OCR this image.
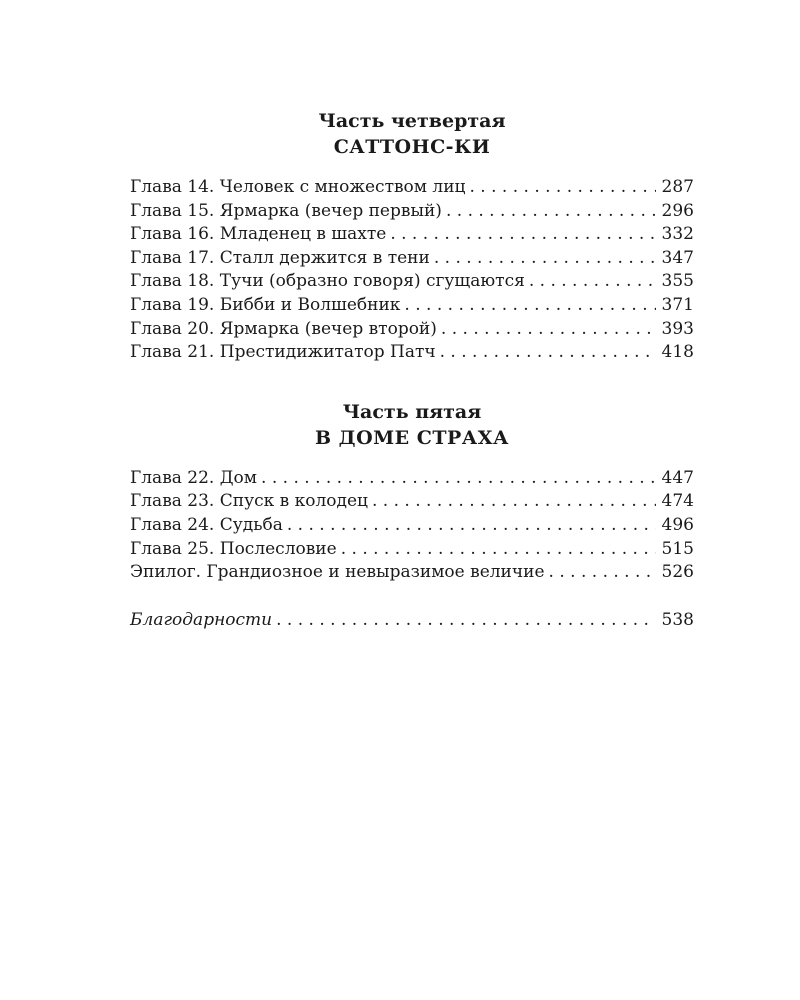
Часть четвертая
САТТОНС-КИ
Глава 14. Человек с множеством лиц . . .	287
Глава 15. Ярмарка (вечер первый) . . .	296
Глава 16. Младенец в шахте . . .	332
Глава 17. Сталл держится в тени . . .	347
Глава 18. Тучи (образно говоря) сгущаются . . .	355
Глава 19. Бибби и Волшебник . . .	371
Глава 20. Ярмарка (вечер второй) . . .	393
Глава 21. Престидижитатор Патч . . .	418
Часть пятая
В ДОМЕ СТРАХА
Глава 22. Дом . . .	447
Глава 23. Спуск в колодец . . .	474
Глава 24. Судьба . . .	496
Глава 25. Послесловие . . .	515
Эпилог. Грандиозное и невыразимое величие . . .	526
Благодарности . . .	538
